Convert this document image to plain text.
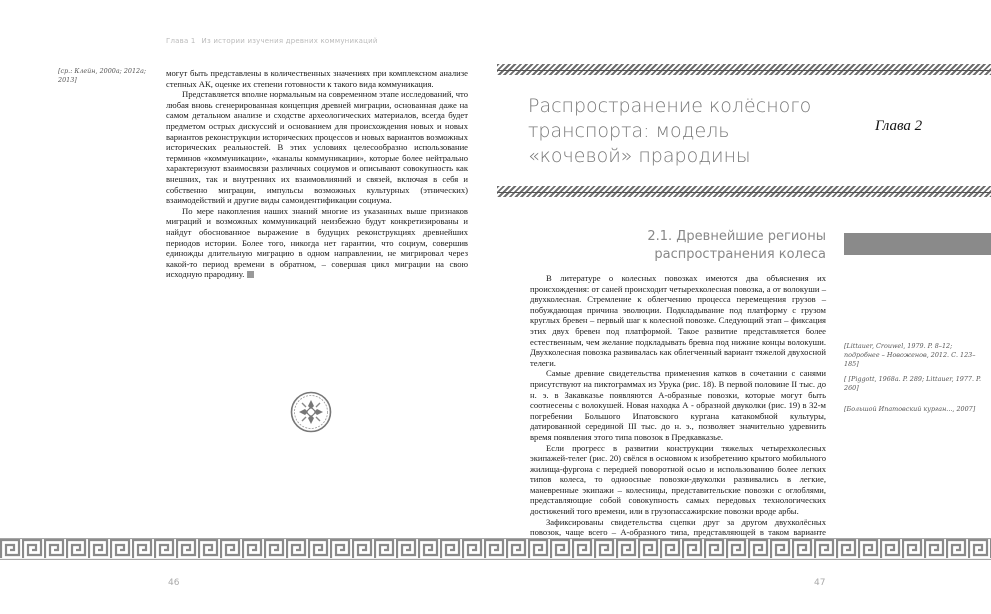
Глава 1 Из истории изучения древних коммуникаций
[ср.: Клейн, 2000а; 2012а; 2013]

могут быть представлены в количественных значениях при комплексном анализе степных АК, оценке их степени готовности к такого вида коммуникация.

Представляется вполне нормальным на современном этапе исследований, что любая вновь сгенерированная концепция древней миграции, основанная даже на самом детальном анализе и сходстве археологических материалов, всегда будет предметом острых дискуссий и основанием для происхождения новых и новых вариантов реконструкции исторических процессов и новых вариантов возможных исторических реальностей. В этих условиях целесообразно использование терминов «коммуникации», «каналы коммуникации», которые более нейтрально характеризуют взаимосвязи различных социумов и описывают совокупность как внешних, так и внутренних их взаимовлияний и связей, включая в себя и собственно миграции, импульсы возможных культурных (этнических) взаимодействий и другие виды самоидентификации социума.

По мере накопления наших знаний многие из указанных выше признаков миграций и возможных коммуникаций неизбежно будут конкретизированы и найдут обоснованное выражение в будущих реконструкциях древнейших периодов истории. Более того, никогда нет гарантии, что социум, совершив единожды длительную миграцию в одном направлении, не мигрировал через какой-то период времени в обратном, – совершая цикл миграции на свою исходную прародину.

Распространение колёсного транспорта: модель «кочевой» прародины
Глава 2
2.1. Древнейшие регионы распространения колеса

В литературе о колесных повозках имеются два объяснения их происхождения: от саней происходит четырехколесная повозка, а от волокуши – двухколесная. Стремление к облегчению процесса перемещения грузов – побуждающая причина эволюции. Подкладывание под платформу с грузом круглых бревен – первый шаг к колесной повозке. Следующий этап – фиксация этих двух бревен под платформой. Такое развитие представляется более естественным, чем желание подкладывать бревна под нижние концы волокуши. Двухколесная повозка развивалась как облегченный вариант тяжелой двухосной телеги.

Самые древние свидетельства применения катков в сочетании с санями присутствуют на пиктограммах из Урука (рис. 18). В первой половине II тыс. до н. э. в Закавказье появляются А-образные повозки, которые могут быть соотнесены с волокушей. Новая находка А - образной двуколки (рис. 19) в 32-м погребении Большого Ипатовского кургана катакомбной культуры, датированной серединой III тыс. до н. э., позволяет значительно удревнить время появления этого типа повозок в Предкавказье.

Если прогресс в развитии конструкции тяжелых четырехколесных экипажей-телег (рис. 20) свёлся в основном к изобретению крытого мобильного жилища-фургона с передней поворотной осью и использованию более легких типов колеса, то одноосные повозки-двуколки развивались в легкие, маневренные экипажи – колесницы, представительские повозки с оглоблями, представляющие собой совокупность самых передовых технологических достижений того времени, или в грузопассажирские повозки вроде арбы.

Зафиксированы свидетельства сцепки друг за другом двухколёсных повозок, чаще всего – А-образного типа, представляющей в таком варианте

[Littauer, Crouwel, 1979. P. 8–12; подробнее – Новоженов, 2012. С. 123–185]
[ [Piggott, 1968a. P. 289; Littauer, 1977. P. 260]
[Большой Ипатовский курган..., 2007]
46	47
